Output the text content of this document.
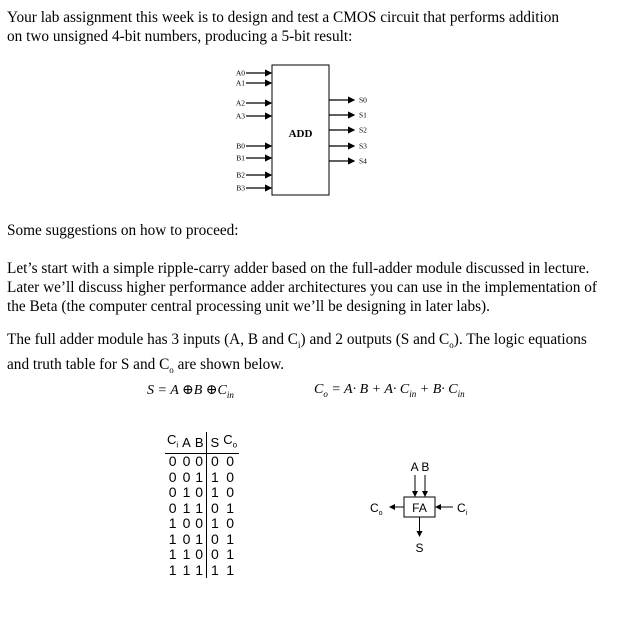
Your lab assignment this week is to design and test a CMOS circuit that performs addition
on two unsigned 4-bit numbers, producing a 5-bit result:

ADD
A0
A1
A2
A3
B0
B1
B2
B3
S0
S1
S2
S3
S4

Some suggestions on how to proceed:

Let’s start with a simple ripple-carry adder based on the full-adder module discussed in lecture.
Later we’ll discuss higher performance adder architectures you can use in the implementation of
the Beta (the computer central processing unit we’ll be designing in later labs).

The full adder module has 3 inputs (A, B and $C_i$) and 2 outputs (S and $C_o$). The logic equations
and truth table for S and $C_o$ are shown below.

S = A ⊕B $\oplus C_{in}$	$C_o = A\cdot B + A\cdot C_{in} + B\cdot C_{in}$
$C_i$	A	B	S	$C_o$
0	0	0	0	0
0	0	1	1	0
0	1	0	1	0
0	1	1	0	1
1	0	0	1	0
1	0	1	0	1
1	1	0	0	1
1	1	1	1	1
A B
FA
$C_o$	$C_i$
S
